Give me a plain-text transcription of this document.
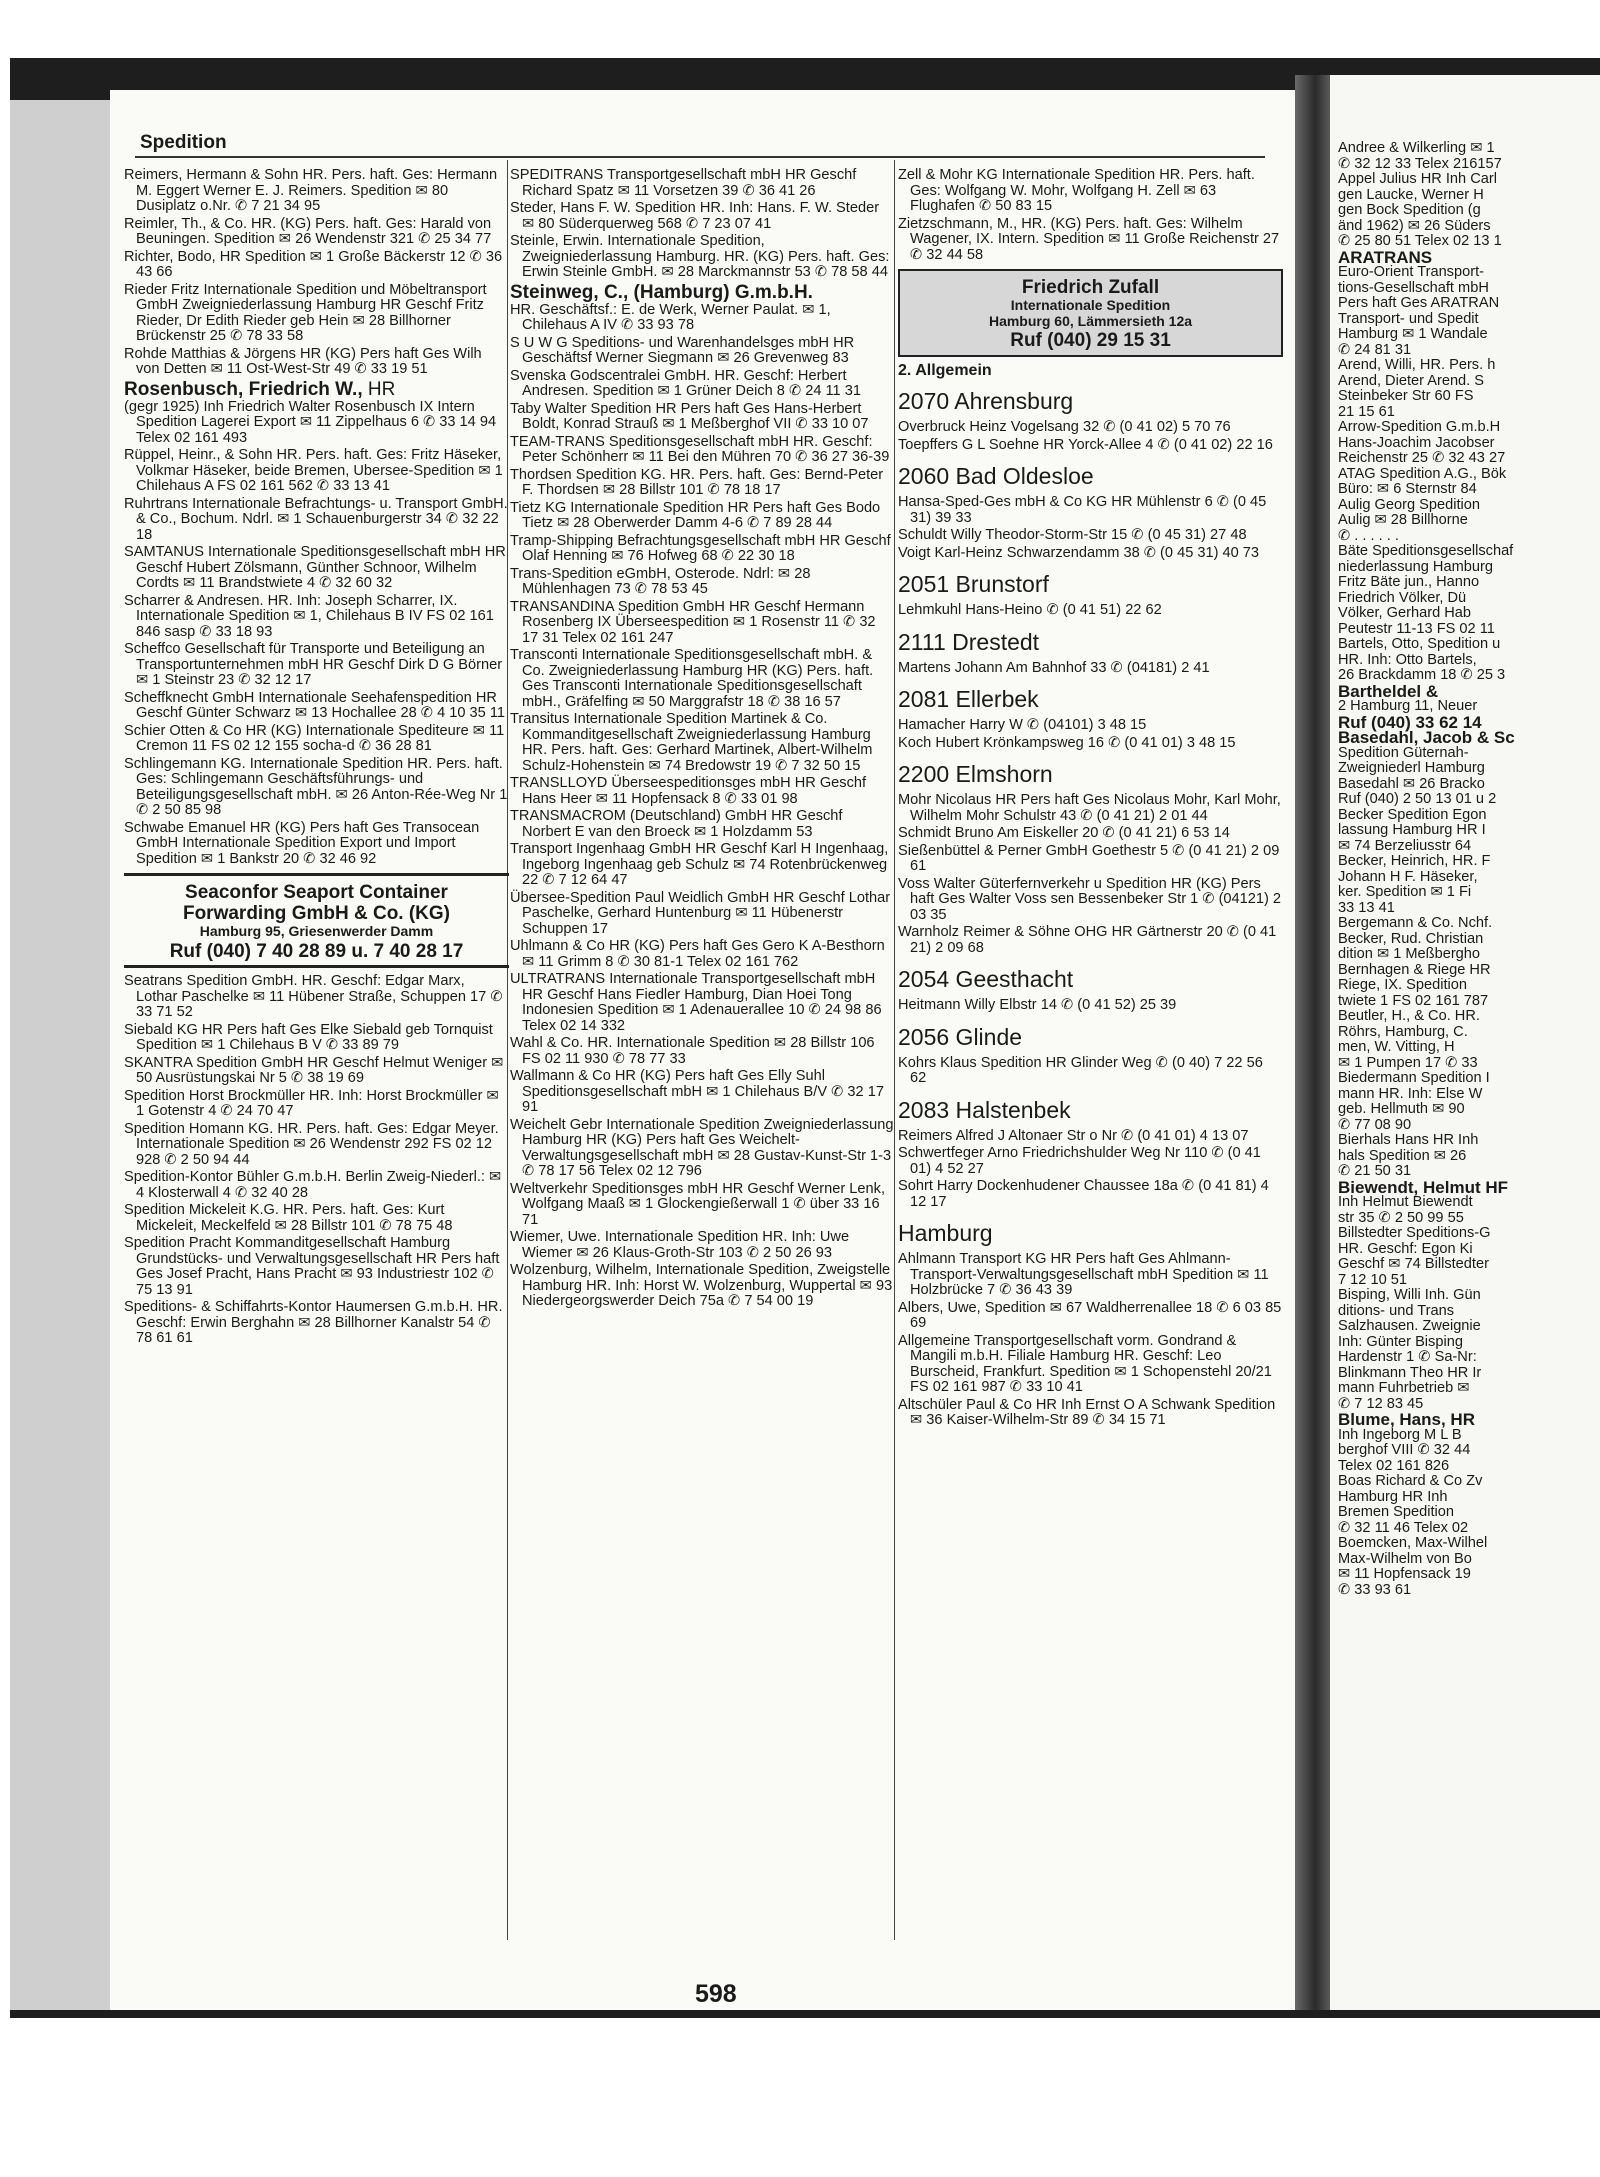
Spedition
Reimers, Hermann & Sohn HR. Pers. haft. Ges: Hermann M. Eggert Werner E. J. Reimers. Spedition ✉ 80 Dusiplatz o.Nr. ✆ 7 21 34 95
Reimler, Th., & Co. HR. (KG) Pers. haft. Ges: Harald von Beuningen. Spedition ✉ 26 Wendenstr 321 ✆ 25 34 77
Richter, Bodo, HR Spedition ✉ 1 Große Bäckerstr 12 ✆ 36 43 66
Rieder Fritz Internationale Spedition und Möbeltransport GmbH Zweigniederlassung Hamburg HR Geschf Fritz Rieder, Dr Edith Rieder geb Hein ✉ 28 Billhorner Brückenstr 25 ✆ 78 33 58
Rohde Matthias & Jörgens HR (KG) Pers haft Ges Wilh von Detten ✉ 11 Ost-West-Str 49 ✆ 33 19 51
Rosenbusch, Friedrich W., HR
(gegr 1925) Inh Friedrich Walter Rosenbusch IX Intern Spedition Lagerei Export ✉ 11 Zippelhaus 6 ✆ 33 14 94 Telex 02 161 493
Rüppel, Heinr., & Sohn HR. Pers. haft. Ges: Fritz Häseker, Volkmar Häseker, beide Bremen, Ubersee-Spedition ✉ 1 Chilehaus A FS 02 161 562 ✆ 33 13 41
Ruhrtrans Internationale Befrachtungs- u. Transport GmbH. & Co., Bochum. Ndrl. ✉ 1 Schauenburgerstr 34 ✆ 32 22 18
SAMTANUS Internationale Speditionsgesellschaft mbH HR Geschf Hubert Zölsmann, Günther Schnoor, Wilhelm Cordts ✉ 11 Brandstwiete 4 ✆ 32 60 32
Scharrer & Andresen. HR. Inh: Joseph Scharrer, IX. Internationale Spedition ✉ 1, Chilehaus B IV FS 02 161 846 sasp ✆ 33 18 93
Scheffco Gesellschaft für Transporte und Beteiligung an Transportunternehmen mbH HR Geschf Dirk D G Börner ✉ 1 Steinstr 23 ✆ 32 12 17
Scheffknecht GmbH Internationale Seehafenspedition HR Geschf Günter Schwarz ✉ 13 Hochallee 28 ✆ 4 10 35 11
Schier Otten & Co HR (KG) Internationale Spediteure ✉ 11 Cremon 11 FS 02 12 155 socha-d ✆ 36 28 81
Schlingemann KG. Internationale Spedition HR. Pers. haft. Ges: Schlingemann Geschäftsführungs- und Beteiligungsgesellschaft mbH. ✉ 26 Anton-Rée-Weg Nr 1 ✆ 2 50 85 98
Schwabe Emanuel HR (KG) Pers haft Ges Transocean GmbH Internationale Spedition Export und Import Spedition ✉ 1 Bankstr 20 ✆ 32 46 92
Seaconfor Seaport Container
Forwarding GmbH & Co. (KG)
Hamburg 95, Griesenwerder Damm
Ruf (040) 7 40 28 89 u. 7 40 28 17
Seatrans Spedition GmbH. HR. Geschf: Edgar Marx, Lothar Paschelke ✉ 11 Hübener Straße, Schuppen 17 ✆ 33 71 52
Siebald KG HR Pers haft Ges Elke Siebald geb Tornquist Spedition ✉ 1 Chilehaus B V ✆ 33 89 79
SKANTRA Spedition GmbH HR Geschf Helmut Weniger ✉ 50 Ausrüstungskai Nr 5 ✆ 38 19 69
Spedition Horst Brockmüller HR. Inh: Horst Brockmüller ✉ 1 Gotenstr 4 ✆ 24 70 47
Spedition Homann KG. HR. Pers. haft. Ges: Edgar Meyer. Internationale Spedition ✉ 26 Wendenstr 292 FS 02 12 928 ✆ 2 50 94 44
Spedition-Kontor Bühler G.m.b.H. Berlin Zweig-Niederl.: ✉ 4 Klosterwall 4 ✆ 32 40 28
Spedition Mickeleit K.G. HR. Pers. haft. Ges: Kurt Mickeleit, Meckelfeld ✉ 28 Billstr 101 ✆ 78 75 48
Spedition Pracht Kommanditgesellschaft Hamburg Grundstücks- und Verwaltungsgesellschaft HR Pers haft Ges Josef Pracht, Hans Pracht ✉ 93 Industriestr 102 ✆ 75 13 91
Speditions- & Schiffahrts-Kontor Haumersen G.m.b.H. HR. Geschf: Erwin Berghahn ✉ 28 Billhorner Kanalstr 54 ✆ 78 61 61
SPEDITRANS Transportgesellschaft mbH HR Geschf Richard Spatz ✉ 11 Vorsetzen 39 ✆ 36 41 26
Steder, Hans F. W. Spedition HR. Inh: Hans. F. W. Steder ✉ 80 Süderquerweg 568 ✆ 7 23 07 41
Steinle, Erwin. Internationale Spedition, Zweigniederlassung Hamburg. HR. (KG) Pers. haft. Ges: Erwin Steinle GmbH. ✉ 28 Marckmannstr 53 ✆ 78 58 44
Steinweg, C., (Hamburg) G.m.b.H.
HR. Geschäftsf.: E. de Werk, Werner Paulat. ✉ 1, Chilehaus A IV ✆ 33 93 78
S U W G Speditions- und Warenhandelsges mbH HR Geschäftsf Werner Siegmann ✉ 26 Grevenweg 83
Svenska Godscentralei GmbH. HR. Geschf: Herbert Andresen. Spedition ✉ 1 Grüner Deich 8 ✆ 24 11 31
Taby Walter Spedition HR Pers haft Ges Hans-Herbert Boldt, Konrad Strauß ✉ 1 Meßberghof VII ✆ 33 10 07
TEAM-TRANS Speditionsgesellschaft mbH HR. Geschf: Peter Schönherr ✉ 11 Bei den Mühren 70 ✆ 36 27 36-39
Thordsen Spedition KG. HR. Pers. haft. Ges: Bernd-Peter F. Thordsen ✉ 28 Billstr 101 ✆ 78 18 17
Tietz KG Internationale Spedition HR Pers haft Ges Bodo Tietz ✉ 28 Oberwerder Damm 4-6 ✆ 7 89 28 44
Tramp-Shipping Befrachtungsgesellschaft mbH HR Geschf Olaf Henning ✉ 76 Hofweg 68 ✆ 22 30 18
Trans-Spedition eGmbH, Osterode. Ndrl: ✉ 28 Mühlenhagen 73 ✆ 78 53 45
TRANSANDINA Spedition GmbH HR Geschf Hermann Rosenberg IX Überseespedition ✉ 1 Rosenstr 11 ✆ 32 17 31 Telex 02 161 247
Transconti Internationale Speditionsgesellschaft mbH. & Co. Zweigniederlassung Hamburg HR (KG) Pers. haft. Ges Transconti Internationale Speditionsgesellschaft mbH., Gräfelfing ✉ 50 Marggrafstr 18 ✆ 38 16 57
Transitus Internationale Spedition Martinek & Co. Kommanditgesellschaft Zweigniederlassung Hamburg HR. Pers. haft. Ges: Gerhard Martinek, Albert-Wilhelm Schulz-Hohenstein ✉ 74 Bredowstr 19 ✆ 7 32 50 15
TRANSLLOYD Überseespeditionsges mbH HR Geschf Hans Heer ✉ 11 Hopfensack 8 ✆ 33 01 98
TRANSMACROM (Deutschland) GmbH HR Geschf Norbert E van den Broeck ✉ 1 Holzdamm 53
Transport Ingenhaag GmbH HR Geschf Karl H Ingenhaag, Ingeborg Ingenhaag geb Schulz ✉ 74 Rotenbrückenweg 22 ✆ 7 12 64 47
Übersee-Spedition Paul Weidlich GmbH HR Geschf Lothar Paschelke, Gerhard Huntenburg ✉ 11 Hübenerstr Schuppen 17
Uhlmann & Co HR (KG) Pers haft Ges Gero K A-Besthorn ✉ 11 Grimm 8 ✆ 30 81-1 Telex 02 161 762
ULTRATRANS Internationale Transportgesellschaft mbH HR Geschf Hans Fiedler Hamburg, Dian Hoei Tong Indonesien Spedition ✉ 1 Adenauerallee 10 ✆ 24 98 86 Telex 02 14 332
Wahl & Co. HR. Internationale Spedition ✉ 28 Billstr 106 FS 02 11 930 ✆ 78 77 33
Wallmann & Co HR (KG) Pers haft Ges Elly Suhl Speditionsgesellschaft mbH ✉ 1 Chilehaus B/V ✆ 32 17 91
Weichelt Gebr Internationale Spedition Zweigniederlassung Hamburg HR (KG) Pers haft Ges Weichelt-Verwaltungsgesellschaft mbH ✉ 28 Gustav-Kunst-Str 1-3 ✆ 78 17 56 Telex 02 12 796
Weltverkehr Speditionsges mbH HR Geschf Werner Lenk, Wolfgang Maaß ✉ 1 Glockengießerwall 1 ✆ über 33 16 71
Wiemer, Uwe. Internationale Spedition HR. Inh: Uwe Wiemer ✉ 26 Klaus-Groth-Str 103 ✆ 2 50 26 93
Wolzenburg, Wilhelm, Internationale Spedition, Zweigstelle Hamburg HR. Inh: Horst W. Wolzenburg, Wuppertal ✉ 93 Niedergeorgswerder Deich 75a ✆ 7 54 00 19
Zell & Mohr KG Internationale Spedition HR. Pers. haft. Ges: Wolfgang W. Mohr, Wolfgang H. Zell ✉ 63 Flughafen ✆ 50 83 15
Zietzschmann, M., HR. (KG) Pers. haft. Ges: Wilhelm Wagener, IX. Intern. Spedition ✉ 11 Große Reichenstr 27 ✆ 32 44 58
Friedrich Zufall
Internationale Spedition
Hamburg 60, Lämmersieth 12a
Ruf (040) 29 15 31
2. Allgemein
2070 Ahrensburg
Overbruck Heinz Vogelsang 32 ✆ (0 41 02) 5 70 76
Toepffers G L Soehne HR Yorck-Allee 4 ✆ (0 41 02) 22 16
2060 Bad Oldesloe
Hansa-Sped-Ges mbH & Co KG HR Mühlenstr 6 ✆ (0 45 31) 39 33
Schuldt Willy Theodor-Storm-Str 15 ✆ (0 45 31) 27 48
Voigt Karl-Heinz Schwarzendamm 38 ✆ (0 45 31) 40 73
2051 Brunstorf
Lehmkuhl Hans-Heino ✆ (0 41 51) 22 62
2111 Drestedt
Martens Johann Am Bahnhof 33 ✆ (04181) 2 41
2081 Ellerbek
Hamacher Harry W ✆ (04101) 3 48 15
Koch Hubert Krönkampsweg 16 ✆ (0 41 01) 3 48 15
2200 Elmshorn
Mohr Nicolaus HR Pers haft Ges Nicolaus Mohr, Karl Mohr, Wilhelm Mohr Schulstr 43 ✆ (0 41 21) 2 01 44
Schmidt Bruno Am Eiskeller 20 ✆ (0 41 21) 6 53 14
Sießenbüttel & Perner GmbH Goethestr 5 ✆ (0 41 21) 2 09 61
Voss Walter Güterfernverkehr u Spedition HR (KG) Pers haft Ges Walter Voss sen Bessenbeker Str 1 ✆ (04121) 2 03 35
Warnholz Reimer & Söhne OHG HR Gärtnerstr 20 ✆ (0 41 21) 2 09 68
2054 Geesthacht
Heitmann Willy Elbstr 14 ✆ (0 41 52) 25 39
2056 Glinde
Kohrs Klaus Spedition HR Glinder Weg ✆ (0 40) 7 22 56 62
2083 Halstenbek
Reimers Alfred J Altonaer Str o Nr ✆ (0 41 01) 4 13 07
Schwertfeger Arno Friedrichshulder Weg Nr 110 ✆ (0 41 01) 4 52 27
Sohrt Harry Dockenhudener Chaussee 18a ✆ (0 41 81) 4 12 17
Hamburg
Ahlmann Transport KG HR Pers haft Ges Ahlmann-Transport-Verwaltungsgesellschaft mbH Spedition ✉ 11 Holzbrücke 7 ✆ 36 43 39
Albers, Uwe, Spedition ✉ 67 Waldherrenallee 18 ✆ 6 03 85 69
Allgemeine Transportgesellschaft vorm. Gondrand & Mangili m.b.H. Filiale Hamburg HR. Geschf: Leo Burscheid, Frankfurt. Spedition ✉ 1 Schopenstehl 20/21 FS 02 161 987 ✆ 33 10 41
Altschüler Paul & Co HR Inh Ernst O A Schwank Spedition ✉ 36 Kaiser-Wilhelm-Str 89 ✆ 34 15 71
598
Andree & Wilkerling ✉ 1
✆ 32 12 33 Telex 216157
Appel Julius HR Inh Carl
gen Laucke, Werner H
gen Bock Spedition (g
änd 1962) ✉ 26 Süders
✆ 25 80 51 Telex 02 13 1
ARATRANS
Euro-Orient Transport-
tions-Gesellschaft mbH
Pers haft Ges ARATRAN
Transport- und Spedit
Hamburg ✉ 1 Wandale
✆ 24 81 31
Arend, Willi, HR. Pers. h
Arend, Dieter Arend. S
Steinbeker Str 60 FS
21 15 61
Arrow-Spedition G.m.b.H
Hans-Joachim Jacobser
Reichenstr 25 ✆ 32 43 27
ATAG Spedition A.G., Bök
Büro: ✉ 6 Sternstr 84
Aulig Georg Spedition
Aulig ✉ 28 Billhorne
✆ . . . . . .
Bäte Speditionsgesellschaf
niederlassung Hamburg
Fritz Bäte jun., Hanno
Friedrich Völker, Dü
Völker, Gerhard Hab
Peutestr 11-13 FS 02 11
Bartels, Otto, Spedition u
HR. Inh: Otto Bartels,
26 Brackdamm 18 ✆ 25 3
Bartheldel &
2 Hamburg 11, Neuer
Ruf (040) 33 62 14
Basedahl, Jacob & Sc
Spedition Güternah-
Zweigniederl Hamburg
Basedahl ✉ 26 Bracko
Ruf (040) 2 50 13 01 u 2
Becker Spedition Egon
lassung Hamburg HR I
✉ 74 Berzeliusstr 64
Becker, Heinrich, HR. F
Johann H F. Häseker,
ker. Spedition ✉ 1 Fi
33 13 41
Bergemann & Co. Nchf.
Becker, Rud. Christian
dition ✉ 1 Meßbergho
Bernhagen & Riege HR
Riege, IX. Spedition
twiete 1 FS 02 161 787
Beutler, H., & Co. HR.
Röhrs, Hamburg, C.
men, W. Vitting, H
✉ 1 Pumpen 17 ✆ 33
Biedermann Spedition I
mann HR. Inh: Else W
geb. Hellmuth ✉ 90
✆ 77 08 90
Bierhals Hans HR Inh
hals Spedition ✉ 26
✆ 21 50 31
Biewendt, Helmut HF
Inh Helmut Biewendt
str 35 ✆ 2 50 99 55
Billstedter Speditions-G
HR. Geschf: Egon Ki
Geschf ✉ 74 Billstedter
7 12 10 51
Bisping, Willi Inh. Gün
ditions- und Trans
Salzhausen. Zweignie
Inh: Günter Bisping
Hardenstr 1 ✆ Sa-Nr:
Blinkmann Theo HR Ir
mann Fuhrbetrieb ✉
✆ 7 12 83 45
Blume, Hans, HR
Inh Ingeborg M L B
berghof VIII ✆ 32 44
Telex 02 161 826
Boas Richard & Co Zv
Hamburg HR Inh
Bremen Spedition
✆ 32 11 46 Telex 02
Boemcken, Max-Wilhel
Max-Wilhelm von Bo
✉ 11 Hopfensack 19
✆ 33 93 61
